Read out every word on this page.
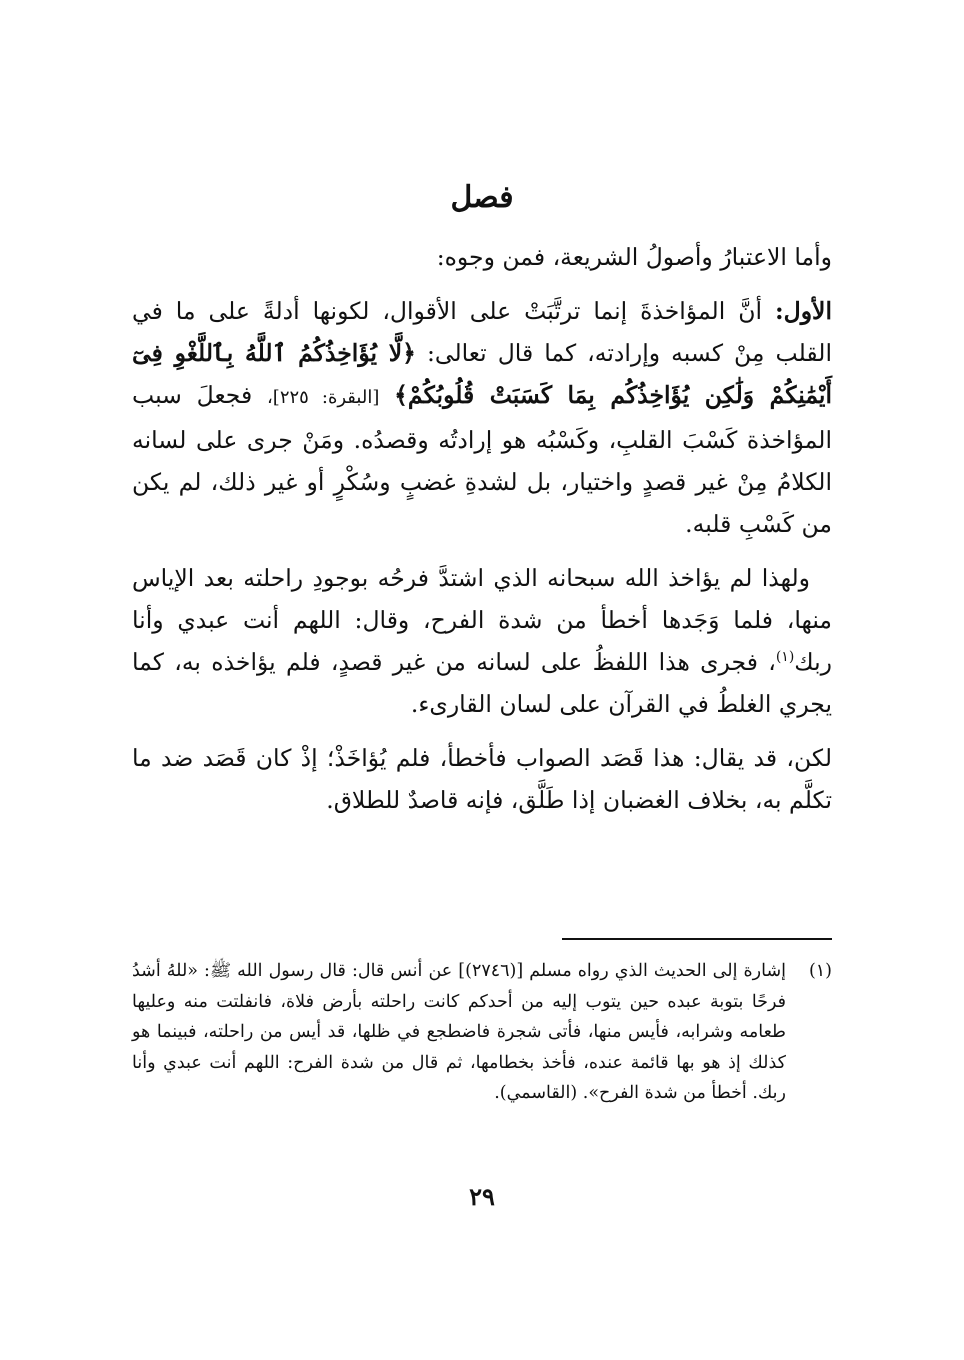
فصل

وأما الاعتبارُ وأصولُ الشريعة، فمن وجوه:

الأول: أنَّ المؤاخذةَ إنما ترتَّبَتْ على الأقوال، لكونها أدلةً على ما في القلب مِنْ كسبه وإرادته، كما قال تعالى: ﴿لَّا يُؤَاخِذُكُمُ ٱللَّهُ بِٱللَّغْوِ فِىٓ أَيْمَٰنِكُمْ وَلَٰكِن يُؤَاخِذُكُم بِمَا كَسَبَتْ قُلُوبُكُمْ﴾ [البقرة: ٢٢٥]، فجعلَ سبب المؤاخذة كَسْبَ القلبِ، وكَسْبُه هو إرادتُه وقصدُه. ومَنْ جرى على لسانه الكلامُ مِنْ غير قصدٍ واختيار، بل لشدةِ غضبٍ وسُكْرٍ أو غير ذلك، لم يكن من كَسْبِ قلبه.

ولهذا لم يؤاخذ الله سبحانه الذي اشتدَّ فرحُه بوجودِ راحلته بعد الإياس منها، فلما وَجَدها أخطأ من شدة الفرح، وقال: اللهم أنت عبدي وأنا ربك$^{(١)}$، فجرى هذا اللفظُ على لسانه من غير قصدٍ، فلم يؤاخذه به، كما يجري الغلطُ في القرآن على لسان القارىء.

لكن، قد يقال: هذا قَصَد الصواب فأخطأ، فلم يُؤاخَذْ؛ إذْ كان قَصَد ضد ما تكلَّم به، بخلاف الغضبان إذا طَلَّق، فإنه قاصدٌ للطلاق.

(١)
إشارة إلى الحديث الذي رواه مسلم [(٢٧٤٦)] عن أنس قال: قال رسول الله ﷺ: «للهُ أشدُ فرحًا بتوبة عبده حين يتوب إليه من أحدكم كانت راحلته بأرض فلاة، فانفلتت منه وعليها طعامه وشرابه، فأيس منها، فأتى شجرة فاضطجع في ظلها، قد أيس من راحلته، فبينما هو كذلك إذ هو بها قائمة عنده، فأخذ بخطامها، ثم قال من شدة الفرح: اللهم أنت عبدي وأنا ربك. أخطأ من شدة الفرح». (القاسمي).
٢٩
